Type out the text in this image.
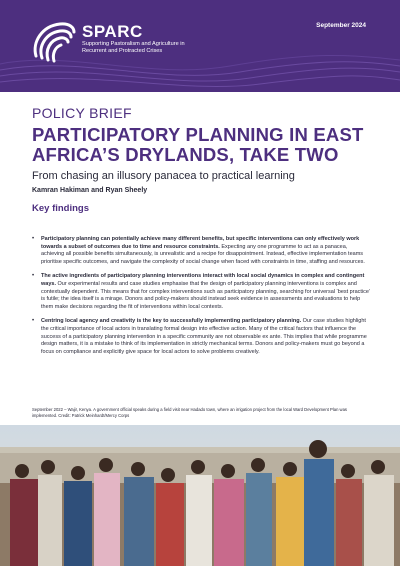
SPARC
Supporting Pastoralism and Agriculture in Recurrent and Protracted Crises
September 2024
POLICY BRIEF
PARTICIPATORY PLANNING IN EAST AFRICA’S DRYLANDS, TAKE TWO
From chasing an illusory panacea to practical learning
Kamran Hakiman and Ryan Sheely
Key findings
• Participatory planning can potentially achieve many different benefits, but specific interventions can only effectively work towards a subset of outcomes due to time and resource constraints. Expecting any one programme to act as a panacea, achieving all possible benefits simultaneously, is unrealistic and a recipe for disappointment. Instead, effective implementation teams prioritise specific outcomes, and navigate the complexity of social change when faced with constraints in time, staffing and resources.
• The active ingredients of participatory planning interventions interact with local social dynamics in complex and contingent ways. Our experimental results and case studies emphasise that the design of participatory planning interventions is complex and contextually dependent. This means that for complex interventions such as participatory planning, searching for universal ‘best practice’ is futile; the idea itself is a mirage. Donors and policy-makers should instead seek evidence in assessments and evaluations to help them make decisions regarding the fit of interventions within local contexts.
• Centring local agency and creativity is the key to successfully implementing participatory planning. Our case studies highlight the critical importance of local actors in translating formal design into effective action. Many of the critical factors that influence the success of a participatory planning intervention in a specific community are not observable ex ante. This implies that while programme design matters, it is a mistake to think of its implementation in strictly mechanical terms. Donors and policy-makers must go beyond a focus on compliance and explicitly give space for local actors to solve problems creatively.
September 2022 – Wajir, Kenya. A government official speaks during a field visit near Hadado town, where an irrigation project from the local Ward Development Plan was implemented. Credit: Patrick Meinhardt/Mercy Corps
